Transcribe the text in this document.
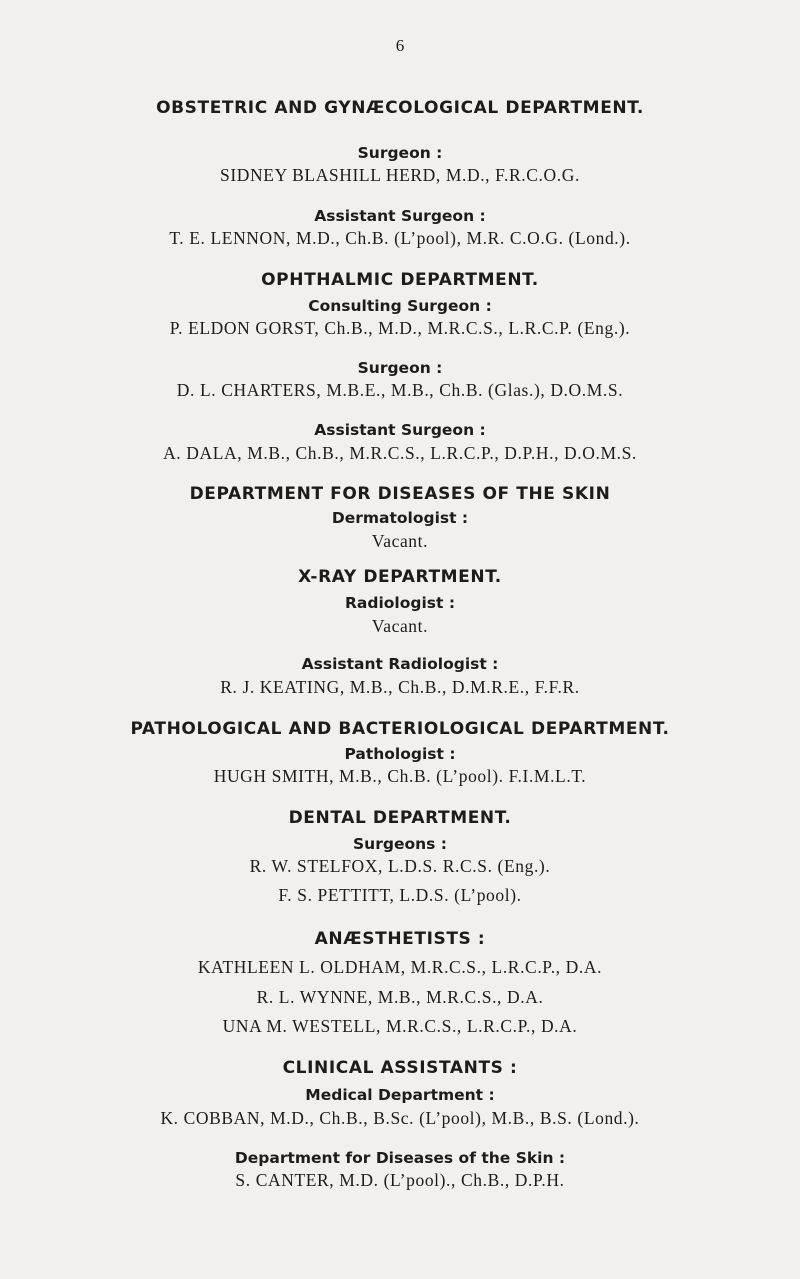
6
OBSTETRIC AND GYNÆCOLOGICAL DEPARTMENT.
Surgeon :
SIDNEY BLASHILL HERD, M.D., F.R.C.O.G.
Assistant Surgeon :
T. E. LENNON, M.D., Ch.B. (L’pool), M.R. C.O.G. (Lond.).
OPHTHALMIC DEPARTMENT.
Consulting Surgeon :
P. ELDON GORST, Ch.B., M.D., M.R.C.S., L.R.C.P. (Eng.).
Surgeon :
D. L. CHARTERS, M.B.E., M.B., Ch.B. (Glas.), D.O.M.S.
Assistant Surgeon :
A. DALA, M.B., Ch.B., M.R.C.S., L.R.C.P., D.P.H., D.O.M.S.
DEPARTMENT FOR DISEASES OF THE SKIN
Dermatologist :
Vacant.
X-RAY DEPARTMENT.
Radiologist :
Vacant.
Assistant Radiologist :
R. J. KEATING, M.B., Ch.B., D.M.R.E., F.F.R.
PATHOLOGICAL AND BACTERIOLOGICAL DEPARTMENT.
Pathologist :
HUGH SMITH, M.B., Ch.B. (L’pool). F.I.M.L.T.
DENTAL DEPARTMENT.
Surgeons :
R. W. STELFOX, L.D.S. R.C.S. (Eng.).
F. S. PETTITT, L.D.S. (L’pool).
ANÆSTHETISTS :
KATHLEEN L. OLDHAM, M.R.C.S., L.R.C.P., D.A.
R. L. WYNNE, M.B., M.R.C.S., D.A.
UNA M. WESTELL, M.R.C.S., L.R.C.P., D.A.
CLINICAL ASSISTANTS :
Medical Department :
K. COBBAN, M.D., Ch.B., B.Sc. (L’pool), M.B., B.S. (Lond.).
Department for Diseases of the Skin :
S. CANTER, M.D. (L’pool)., Ch.B., D.P.H.
